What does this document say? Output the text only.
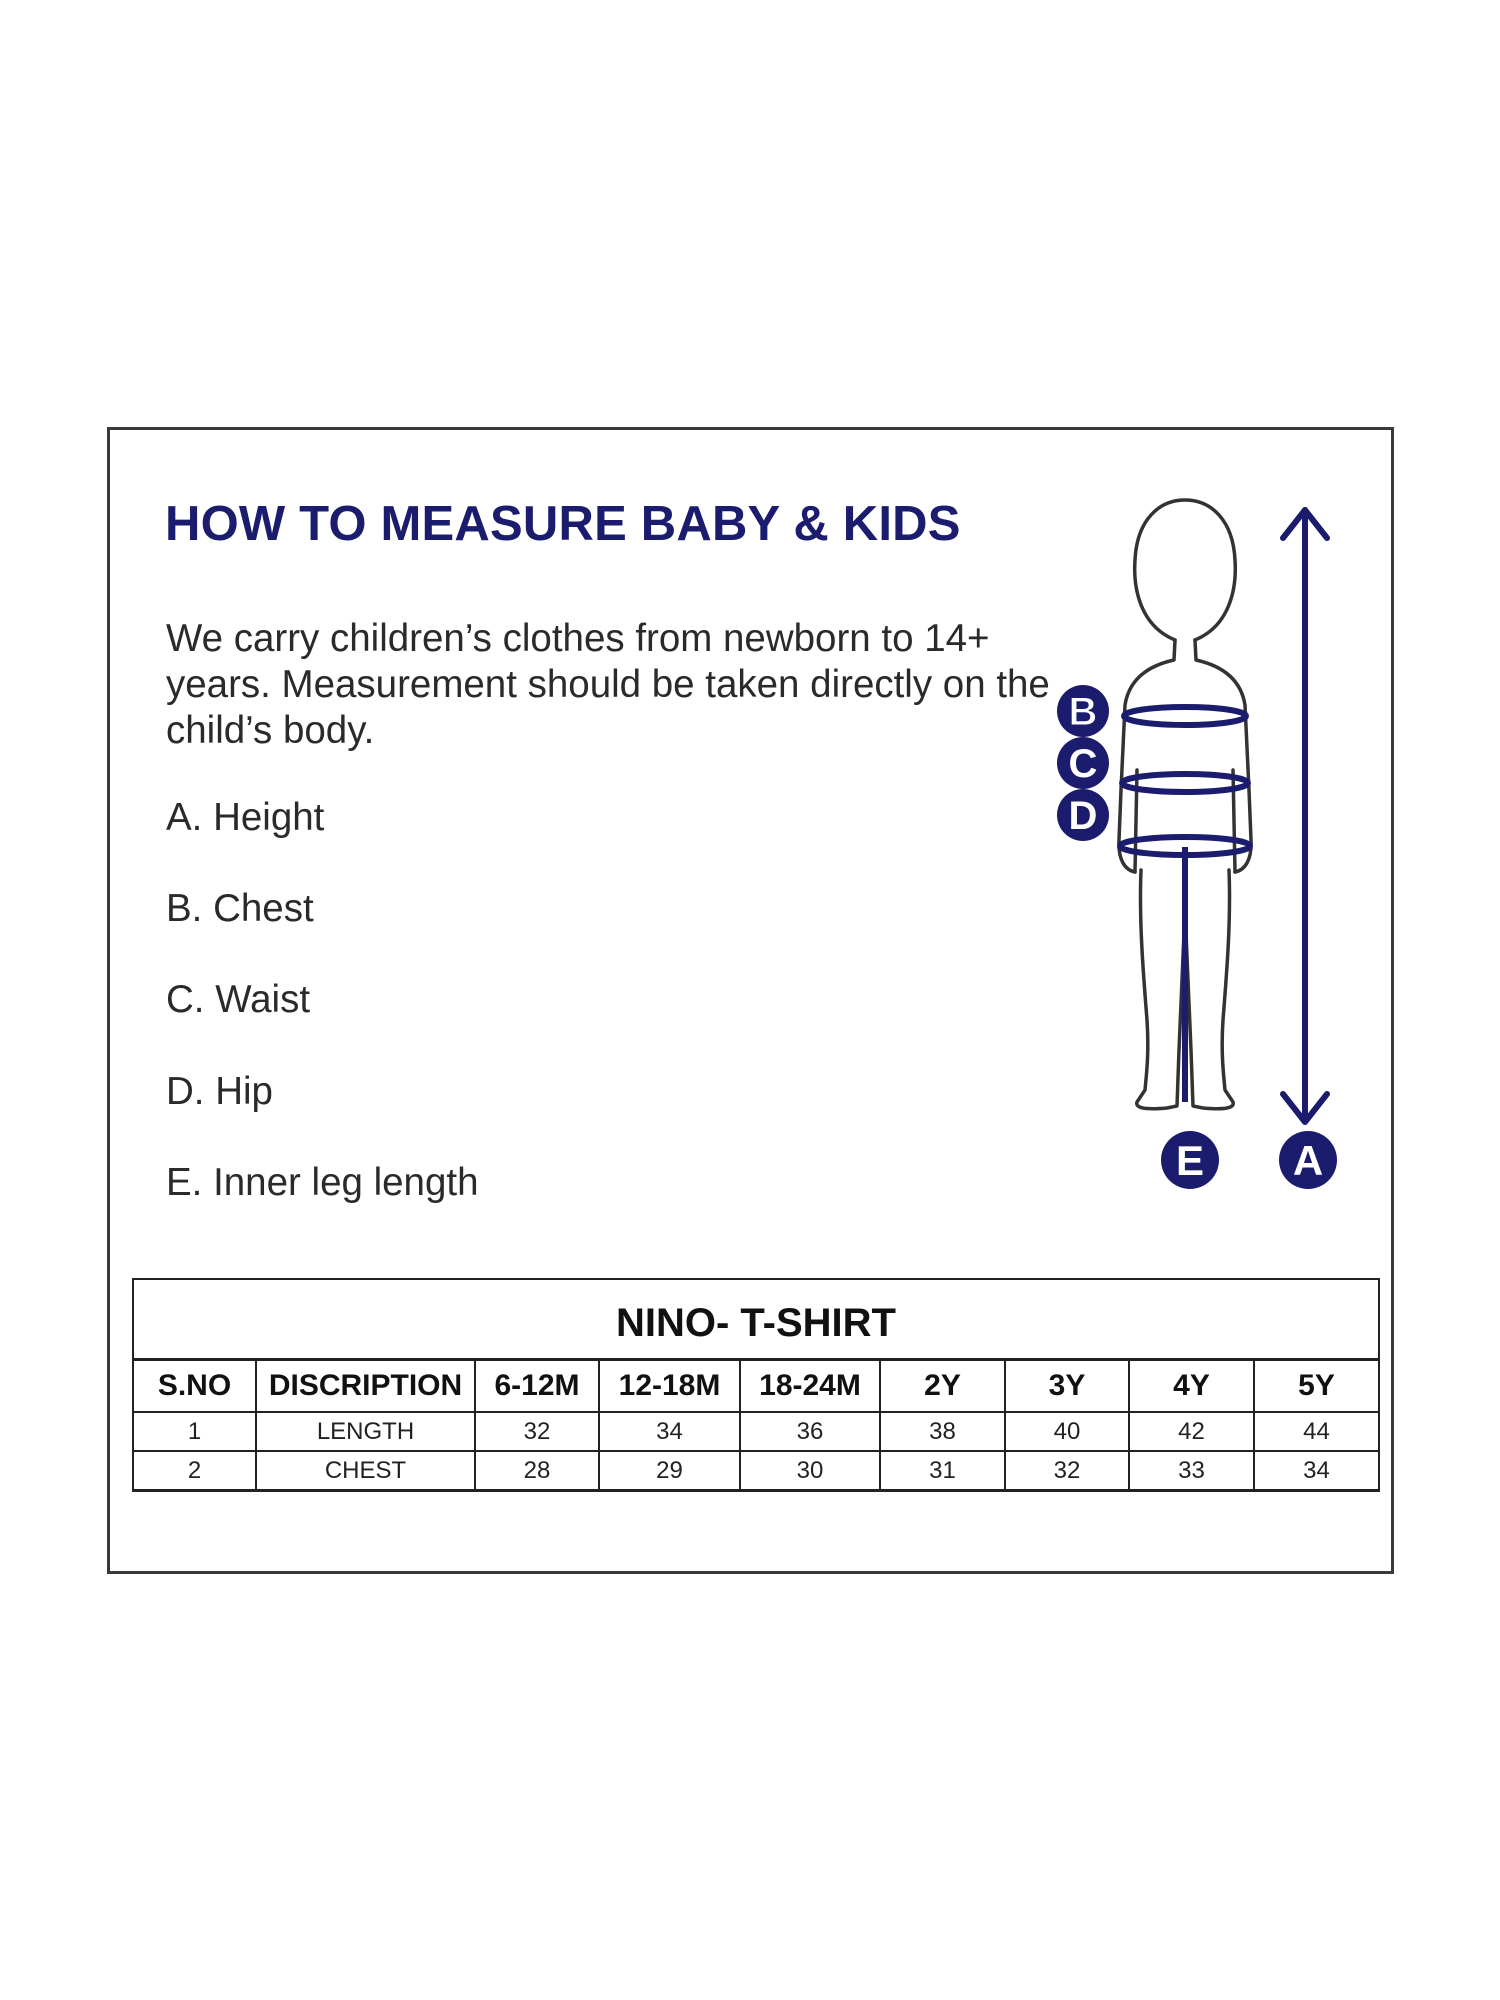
HOW TO MEASURE BABY & KIDS

We carry children’s clothes from newborn to 14+ years. Measurement should be taken directly on the child’s body.

A. Height

B. Chest

C. Waist

D. Hip

E. Inner leg length

B
C
D
E A
NINO- T-SHIRT
S.NO	DISCRIPTION	6-12M	12-18M	18-24M	2Y	3Y	4Y	5Y
1	LENGTH	32	34	36	38	40	42	44
2	CHEST	28	29	30	31	32	33	34
